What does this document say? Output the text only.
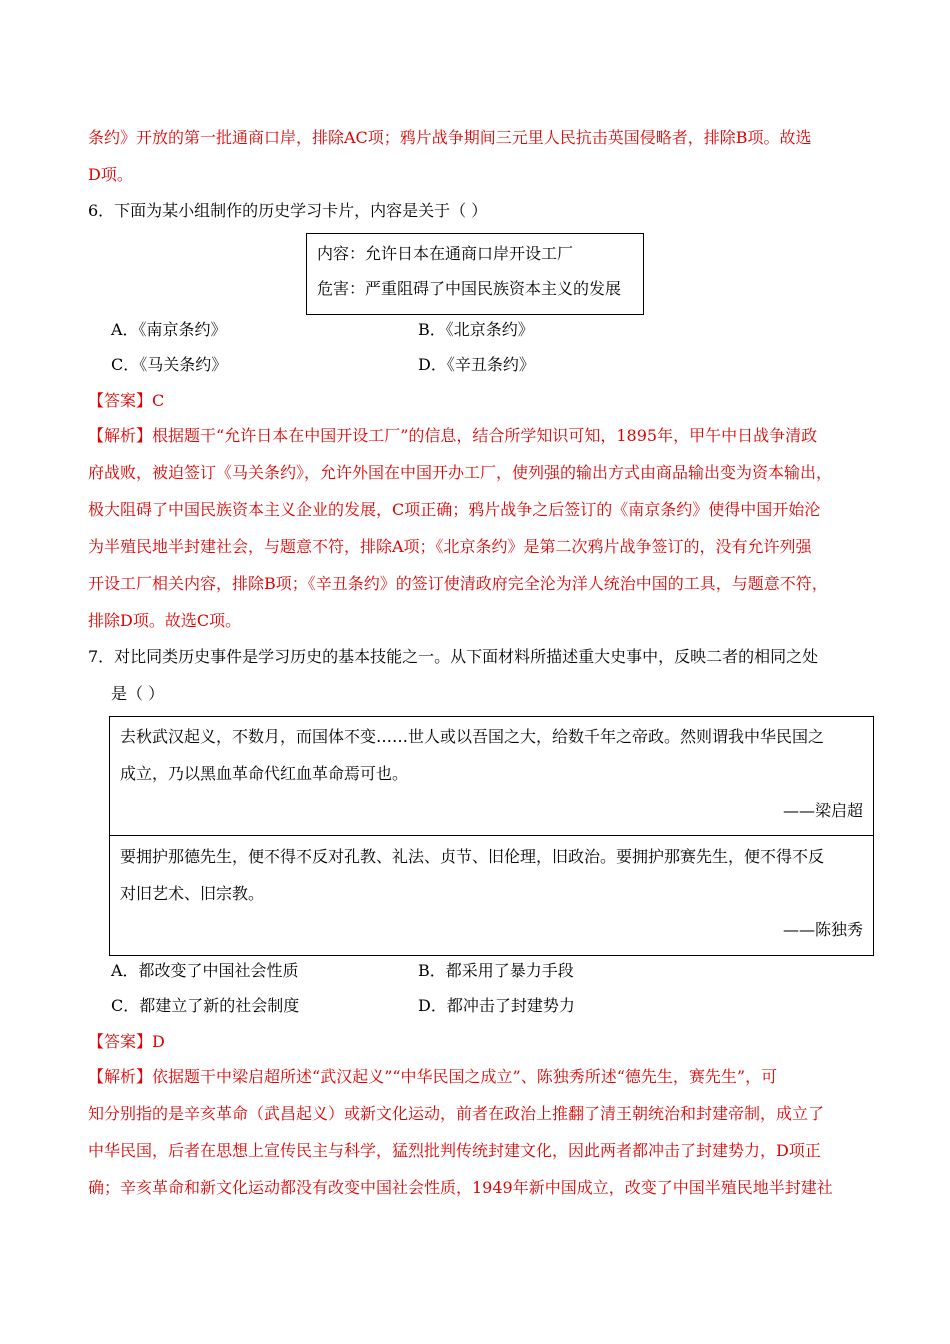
条约》开放的第一批通商口岸，排除AC项；鸦片战争期间三元里人民抗击英国侵略者，排除B项。故选
D项。
6．下面为某小组制作的历史学习卡片，内容是关于（ ）
内容：允许日本在通商口岸开设工厂
危害：严重阻碍了中国民族资本主义的发展
A．《南京条约》	B．《北京条约》
C．《马关条约》	D．《辛丑条约》
【答案】C
【解析】根据题干“允许日本在中国开设工厂”的信息，结合所学知识可知，1895年，甲午中日战争清政
府战败，被迫签订《马关条约》，允许外国在中国开办工厂，使列强的输出方式由商品输出变为资本输出，
极大阻碍了中国民族资本主义企业的发展，C项正确；鸦片战争之后签订的《南京条约》使得中国开始沦
为半殖民地半封建社会，与题意不符，排除A项；《北京条约》是第二次鸦片战争签订的，没有允许列强
开设工厂相关内容，排除B项；《辛丑条约》的签订使清政府完全沦为洋人统治中国的工具，与题意不符，
排除D项。故选C项。
7．对比同类历史事件是学习历史的基本技能之一。从下面材料所描述重大史事中，反映二者的相同之处
是（ ）
去秋武汉起义，不数月，而国体不变……世人或以吾国之大，给数千年之帝政。然则谓我中华民国之
成立，乃以黑血革命代红血革命焉可也。
——梁启超
要拥护那德先生，便不得不反对孔教、礼法、贞节、旧伦理，旧政治。要拥护那赛先生，便不得不反
对旧艺术、旧宗教。
——陈独秀
A．都改变了中国社会性质	B．都采用了暴力手段
C．都建立了新的社会制度	D．都冲击了封建势力
【答案】D
【解析】依据题干中梁启超所述“武汉起义”“中华民国之成立”、陈独秀所述“德先生，赛先生”，可
知分别指的是辛亥革命（武昌起义）或新文化运动，前者在政治上推翻了清王朝统治和封建帝制，成立了
中华民国，后者在思想上宣传民主与科学，猛烈批判传统封建文化，因此两者都冲击了封建势力，D项正
确；辛亥革命和新文化运动都没有改变中国社会性质，1949年新中国成立，改变了中国半殖民地半封建社
